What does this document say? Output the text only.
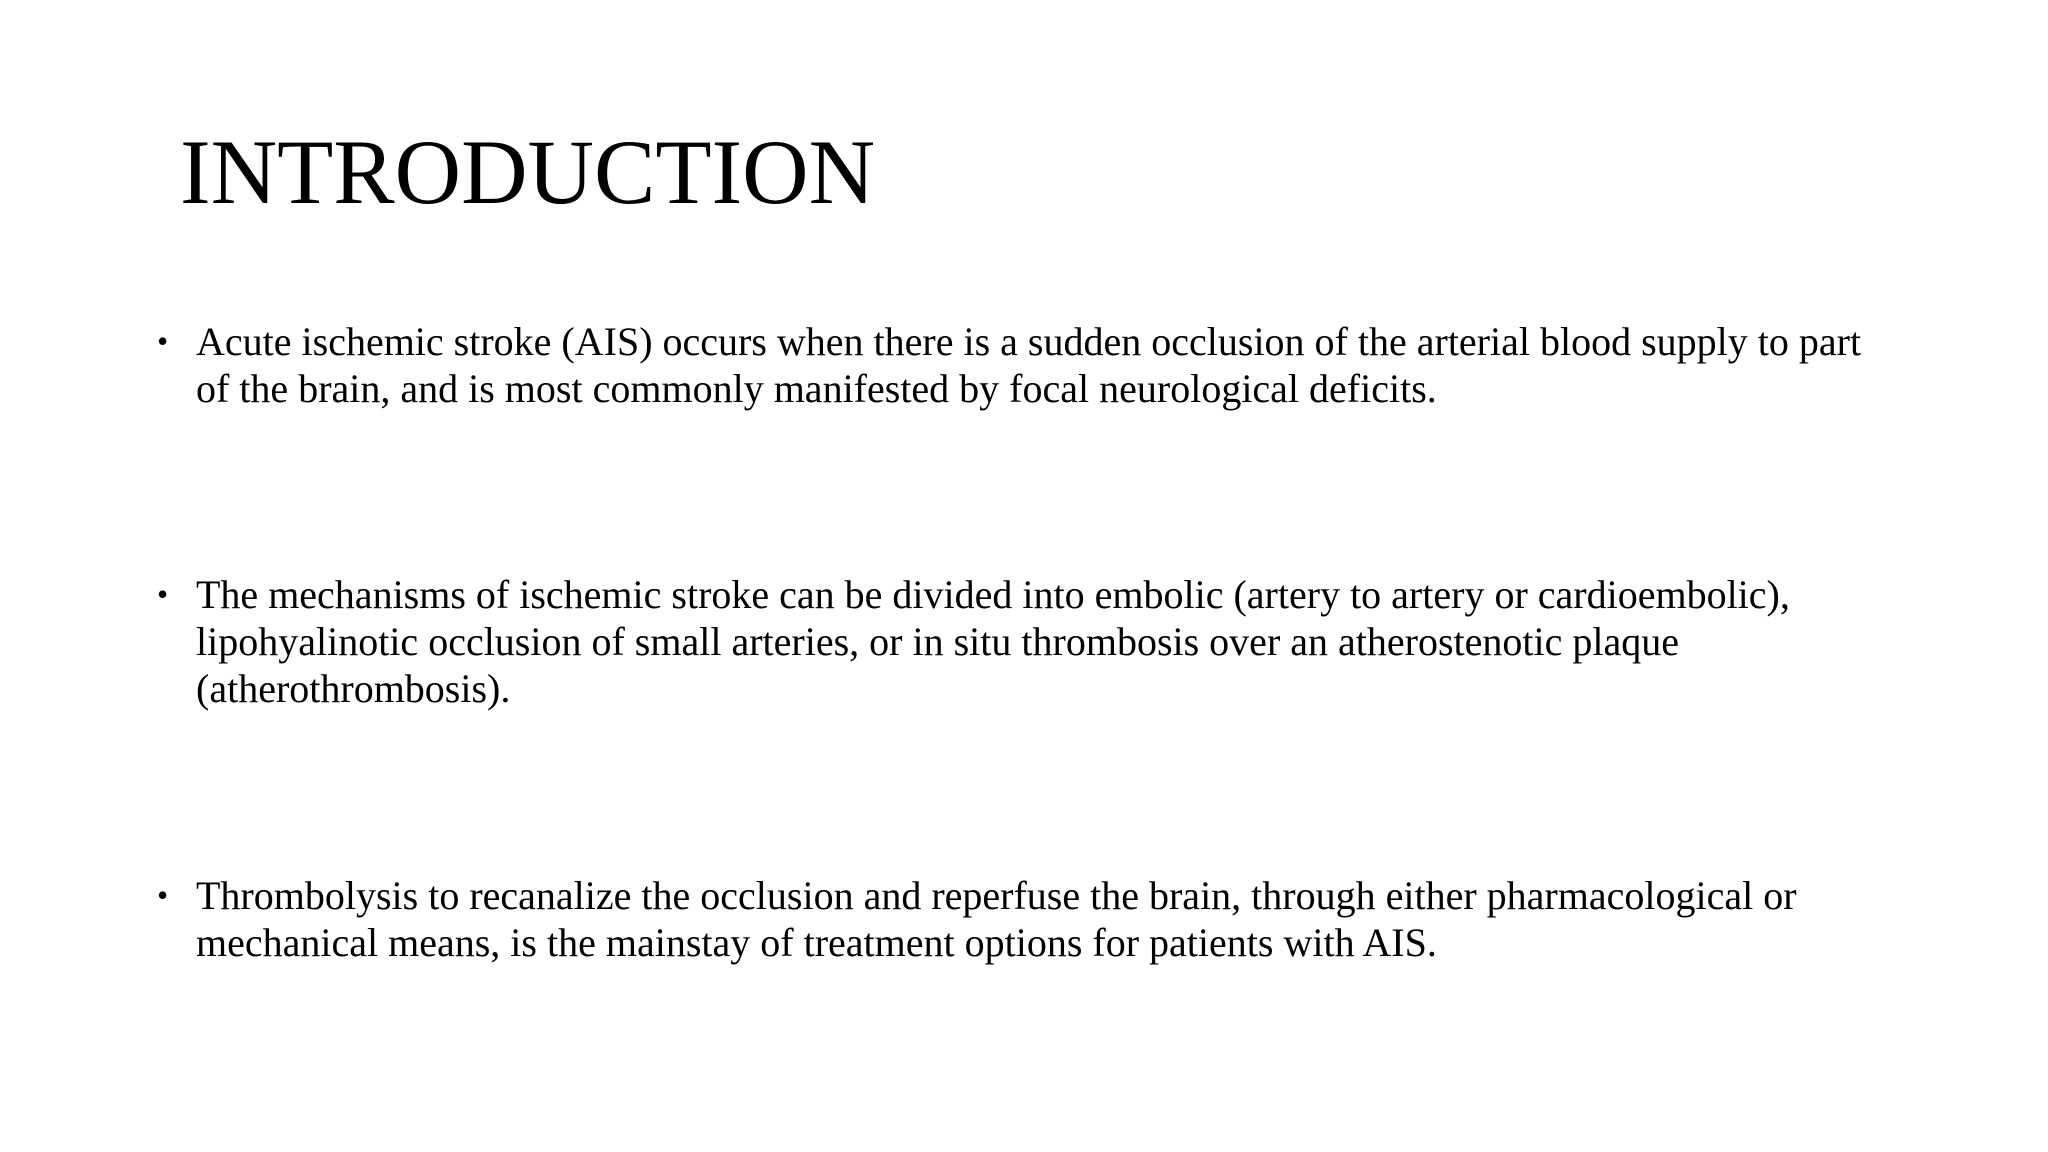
INTRODUCTION
• Acute ischemic stroke (AIS) occurs when there is a sudden occlusion of the arterial blood supply to part of the brain, and is most commonly manifested by focal neurological deficits.
• The mechanisms of ischemic stroke can be divided into embolic (artery to artery or cardioembolic), lipohyalinotic occlusion of small arteries, or in situ thrombosis over an atherostenotic plaque (atherothrombosis).
• Thrombolysis to recanalize the occlusion and reperfuse the brain, through either pharmacological or mechanical means, is the mainstay of treatment options for patients with AIS.
